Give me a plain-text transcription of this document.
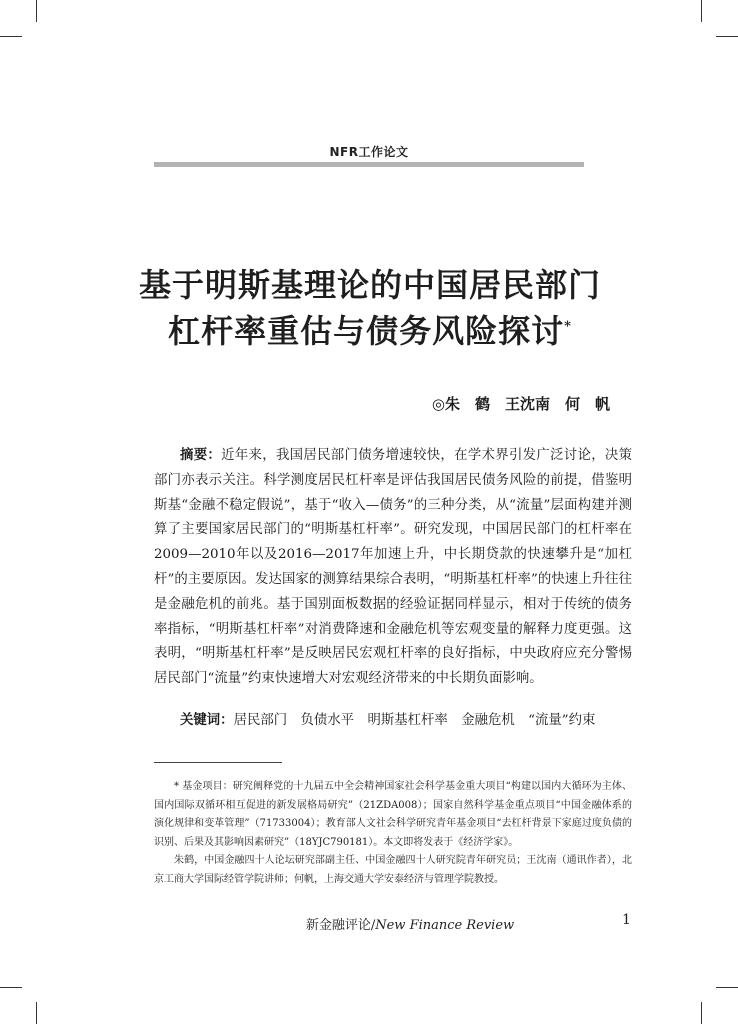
NFR工作论文
基于明斯基理论的中国居民部门
杠杆率重估与债务风险探讨*
◎朱　鹤　王沈南　何　帆
摘要：近年来，我国居民部门债务增速较快，在学术界引发广泛讨论，决策部门亦表示关注。科学测度居民杠杆率是评估我国居民债务风险的前提，借鉴明斯基“金融不稳定假说”，基于“收入—债务”的三种分类，从“流量”层面构建并测算了主要国家居民部门的“明斯基杠杆率”。研究发现，中国居民部门的杠杆率在2009—2010年以及2016—2017年加速上升，中长期贷款的快速攀升是“加杠杆”的主要原因。发达国家的测算结果综合表明，“明斯基杠杆率”的快速上升往往是金融危机的前兆。基于国别面板数据的经验证据同样显示，相对于传统的债务率指标，“明斯基杠杆率”对消费降速和金融危机等宏观变量的解释力度更强。这表明，“明斯基杠杆率”是反映居民宏观杠杆率的良好指标，中央政府应充分警惕居民部门“流量”约束快速增大对宏观经济带来的中长期负面影响。
关键词：居民部门　负债水平　明斯基杠杆率　金融危机　“流量”约束

* 基金项目：研究阐释党的十九届五中全会精神国家社会科学基金重大项目“构建以国内大循环为主体、国内国际双循环相互促进的新发展格局研究”（21ZDA008）；国家自然科学基金重点项目“中国金融体系的演化规律和变革管理”（71733004）；教育部人文社会科学研究青年基金项目“去杠杆背景下家庭过度负债的识别、后果及其影响因素研究”（18YJC790181）。本文即将发表于《经济学家》。

朱鹤，中国金融四十人论坛研究部副主任、中国金融四十人研究院青年研究员；王沈南（通讯作者），北京工商大学国际经管学院讲师；何帆，上海交通大学安泰经济与管理学院教授。

新金融评论/New Finance Review	1
